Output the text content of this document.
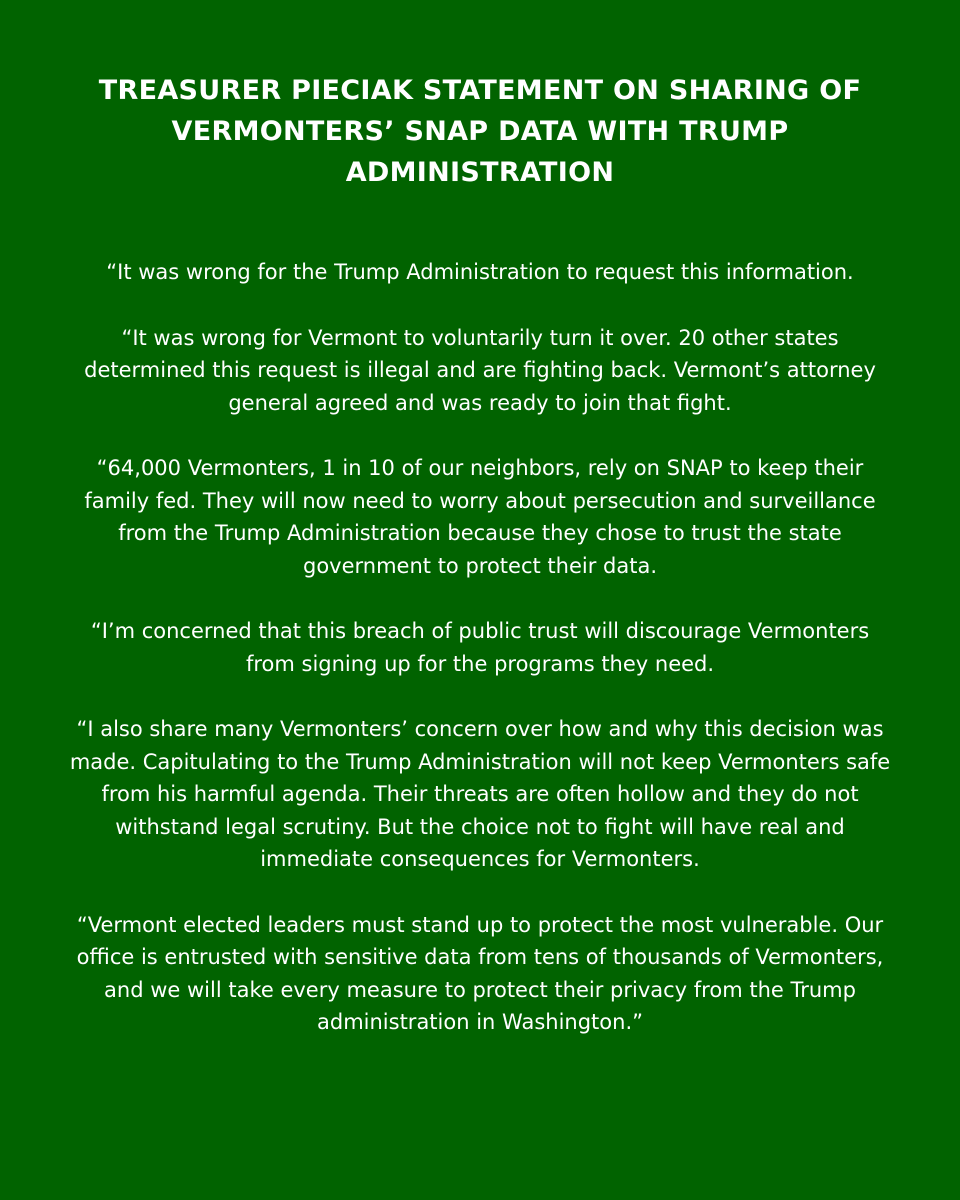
TREASURER PIECIAK STATEMENT ON SHARING OF VERMONTERS’ SNAP DATA WITH TRUMP ADMINISTRATION

“It was wrong for the Trump Administration to request this information.

“It was wrong for Vermont to voluntarily turn it over. 20 other states determined this request is illegal and are fighting back. Vermont’s attorney general agreed and was ready to join that fight.

“64,000 Vermonters, 1 in 10 of our neighbors, rely on SNAP to keep their family fed. They will now need to worry about persecution and surveillance from the Trump Administration because they chose to trust the state government to protect their data.

“I’m concerned that this breach of public trust will discourage Vermonters from signing up for the programs they need.

“I also share many Vermonters’ concern over how and why this decision was made. Capitulating to the Trump Administration will not keep Vermonters safe from his harmful agenda. Their threats are often hollow and they do not withstand legal scrutiny. But the choice not to fight will have real and immediate consequences for Vermonters.

“Vermont elected leaders must stand up to protect the most vulnerable. Our office is entrusted with sensitive data from tens of thousands of Vermonters, and we will take every measure to protect their privacy from the Trump administration in Washington.”
